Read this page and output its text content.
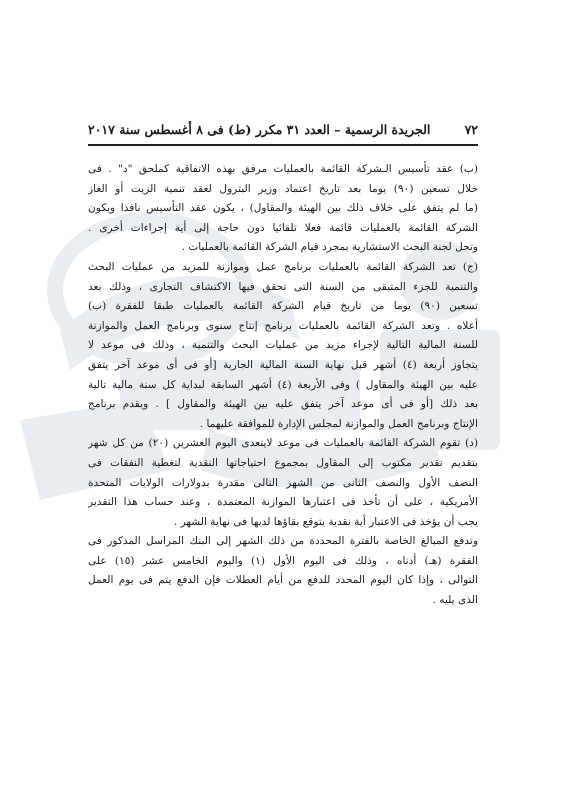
٧٢
الجريدة الرسمية – العدد ٣١ مكرر (ط) فى ٨ أغسطس سنة ٢٠١٧
(ب) عقد تأسيس الـشركة القائمة بالعمليات مرفق بهذه الاتفاقية كملحق "د" . فى
خلال تسعين (٩٠) يوما بعد تاريخ اعتماد وزير البترول لعقد تنمية الزيت أو الغاز
(ما لم يتفق على خلاف ذلك بين الهيئة والمقاول) ، يكون عقد التأسيس نافذا ويكون
الشركة القائمة بالعمليات قائمة فعلا تلقائيا دون حاجة إلى أية إجراءات أخرى .
وتحل لجنة البحث الاستشارية بمجرد قيام الشركة القائمة بالعمليات .
(ج) تعد الشركة القائمة بالعمليات برنامج عمل وموازنة للمزيد من عمليات البحث
والتنمية للجزء المتبقى من السنة التى تحقق فيها الاكتشاف التجارى ، وذلك بعد
تسعين (٩٠) يوما من تاريخ قيام الشركة القائمة بالعمليات طبقا للفقرة (ب)
أعلاه . وتعد الشركة القائمة بالعمليات برنامج إنتاج سنوى وبرنامج العمل والموازنة
للسنة المالية التالية لإجراء مزيد من عمليات البحث والتنمية ، وذلك فى موعد لا
يتجاوز أربعة (٤) أشهر قبل نهاية السنة المالية الجارية [أو فى أى موعد آخر يتفق
عليه بين الهيئة والمقاول ) وفى الأربعة (٤) أشهر السابقة لبداية كل سنة مالية تالية
بعد ذلك [أو فى أى موعد آخر يتفق عليه بين الهيئة والمقاول ] . ويقدم برنامج
الإنتاج وبرنامج العمل والموازنة لمجلس الإدارة للموافقة عليهما .
(د) تقوم الشركة القائمة بالعمليات فى موعد لايتعدى اليوم العشرين (٢٠) من كل شهر
بتقديم تقدير مكتوب إلى المقاول بمجموع احتياجاتها النقدية لتغطية النفقات فى
النصف الأول والنصف الثانى من الشهر التالى مقدرة بدولارات الولايات المتحدة
الأمريكية ، على أن تأخذ فى اعتبارها الموازنة المعتمدة ، وعند حساب هذا التقدير
يجب أن يؤخذ فى الاعتبار أية نقدية يتوقع بقاؤها لديها فى نهاية الشهر .
وتدفع المبالغ الخاصة بالفترة المحددة من ذلك الشهر إلى البنك المراسل المذكور فى
الفقرة (هـ) أدناه ، وذلك فى اليوم الأول (١) واليوم الخامس عشر (١٥) على
التوالى ، وإذا كان اليوم المحدد للدفع من أيام العطلات فإن الدفع يتم فى يوم العمل
الذى يليه .
